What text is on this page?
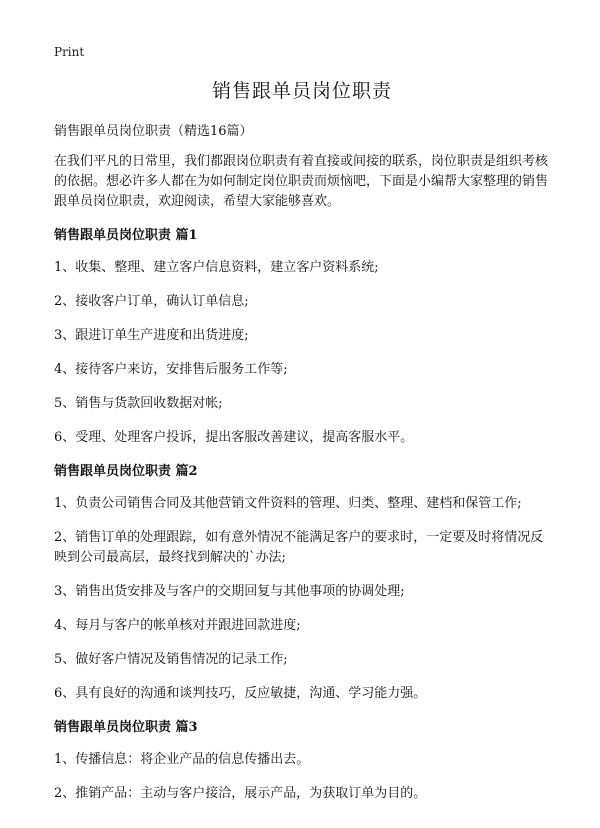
Print
销售跟单员岗位职责
销售跟单员岗位职责（精选16篇）

在我们平凡的日常里，我们都跟岗位职责有着直接或间接的联系，岗位职责是组织考核的依据。想必许多人都在为如何制定岗位职责而烦恼吧，下面是小编帮大家整理的销售跟单员岗位职责，欢迎阅读，希望大家能够喜欢。

销售跟单员岗位职责 篇1

1、收集、整理、建立客户信息资料，建立客户资料系统;

2、接收客户订单，确认订单信息;

3、跟进订单生产进度和出货进度;

4、接待客户来访，安排售后服务工作等;

5、销售与货款回收数据对帐;

6、受理、处理客户投诉，提出客服改善建议，提高客服水平。

销售跟单员岗位职责 篇2

1、负责公司销售合同及其他营销文件资料的管理、归类、整理、建档和保管工作;

2、销售订单的处理跟踪，如有意外情况不能满足客户的要求时，一定要及时将情况反映到公司最高层，最终找到解决的`办法;

3、销售出货安排及与客户的交期回复与其他事项的协调处理;

4、每月与客户的帐单核对并跟进回款进度;

5、做好客户情况及销售情况的记录工作;

6、具有良好的沟通和谈判技巧，反应敏捷，沟通、学习能力强。

销售跟单员岗位职责 篇3

1、传播信息：将企业产品的信息传播出去。

2、推销产品：主动与客户接洽，展示产品，为获取订单为目的。
